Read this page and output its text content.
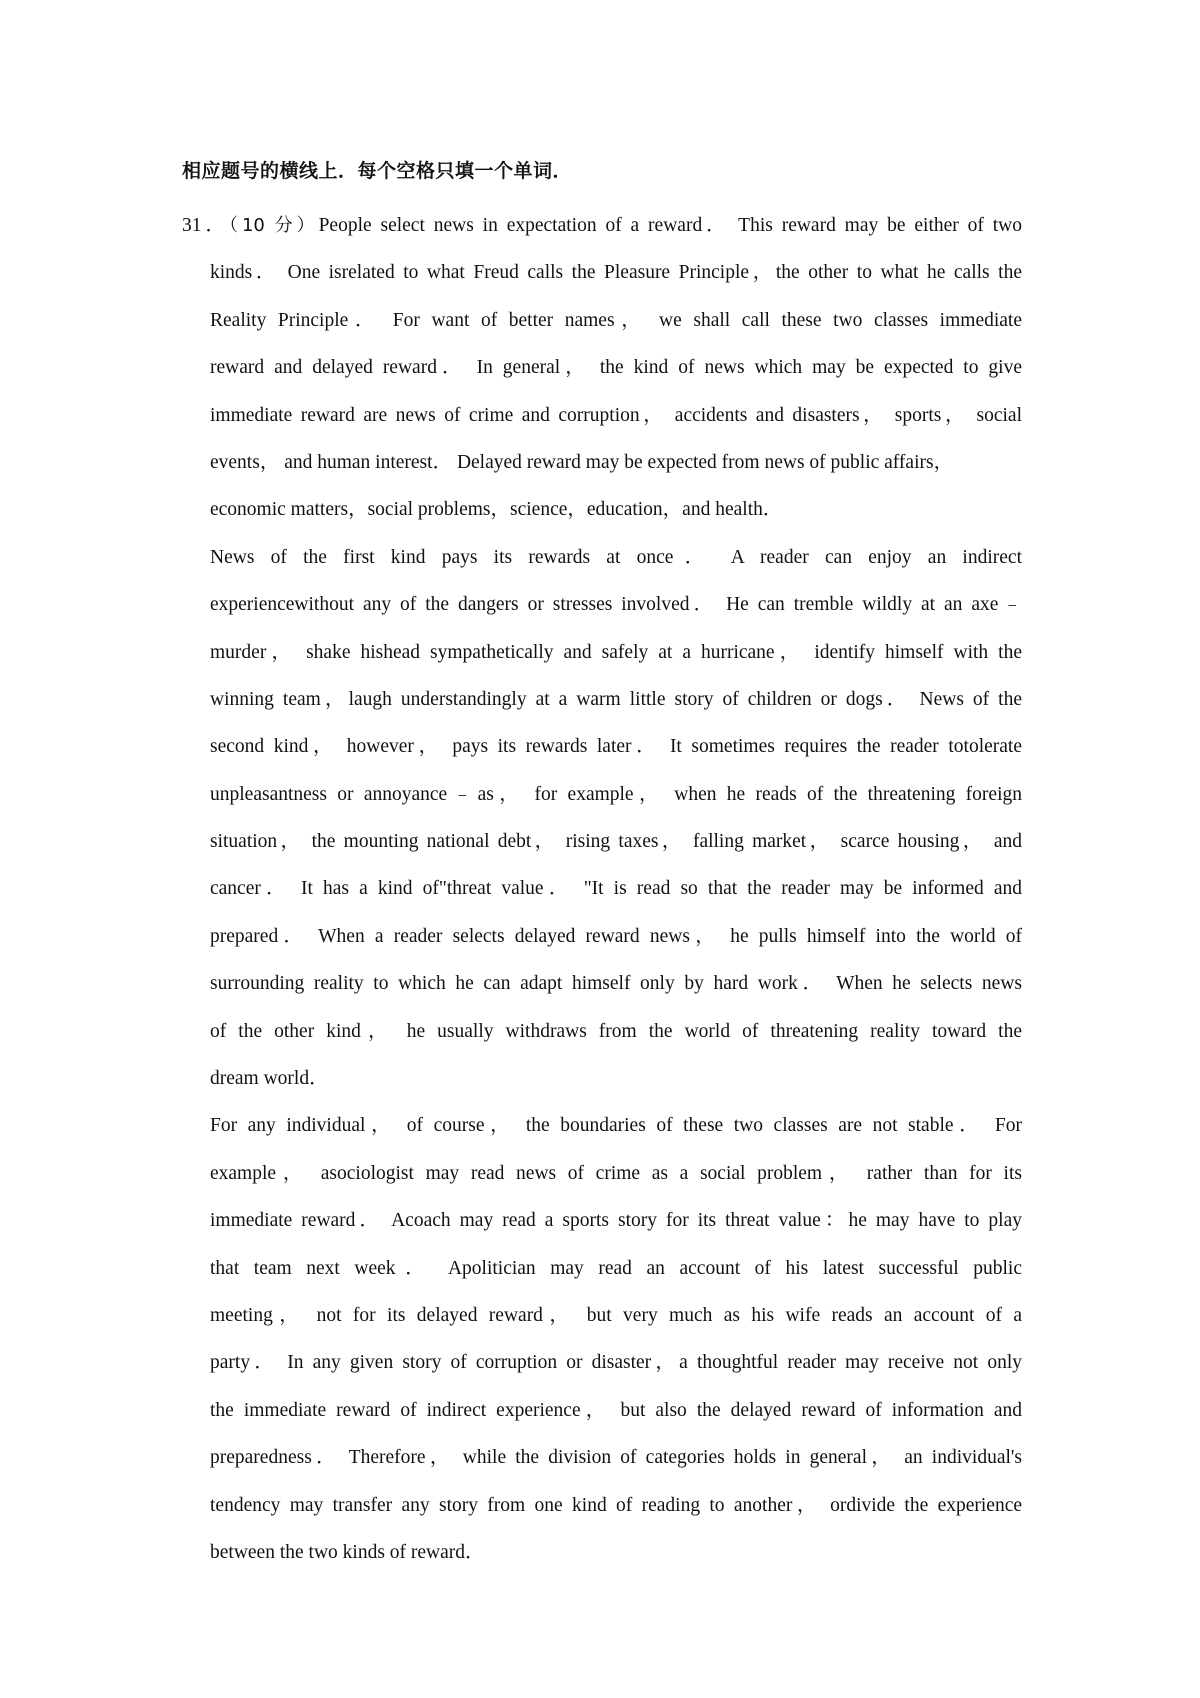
相应题号的横线上．每个空格只填一个单词．
31．（10 分）People select news in expectation of a reward． This reward may be either of two
kinds． One isrelated to what Freud calls the Pleasure Principle，the other to what he calls the
Reality Principle． For want of better names， we shall call these two classes immediate
reward and delayed reward． In general， the kind of news which may be expected to give
immediate reward are news of crime and corruption， accidents and disasters， sports， social
events， and human interest． Delayed reward may be expected from news of public affairs，
economic matters，social problems，science，education，and health．
News of the first kind pays its rewards at once． A reader can enjoy an indirect
experiencewithout any of the dangers or stresses involved． He can tremble wildly at an axe﹣
murder， shake hishead sympathetically and safely at a hurricane， identify himself with the
winning team，laugh understandingly at a warm little story of children or dogs． News of the
second kind， however， pays its rewards later． It sometimes requires the reader totolerate
unpleasantness or annoyance﹣as， for example， when he reads of the threatening foreign
situation， the mounting national debt， rising taxes， falling market， scarce housing， and
cancer． It has a kind of"threat value． "It is read so that the reader may be informed and
prepared． When a reader selects delayed reward news， he pulls himself into the world of
surrounding reality to which he can adapt himself only by hard work． When he selects news
of the other kind， he usually withdraws from the world of threatening reality toward the
dream world．
For any individual， of course， the boundaries of these two classes are not stable． For
example， asociologist may read news of crime as a social problem， rather than for its
immediate reward． Acoach may read a sports story for its threat value：he may have to play
that team next week． Apolitician may read an account of his latest successful public
meeting， not for its delayed reward， but very much as his wife reads an account of a
party． In any given story of corruption or disaster，a thoughtful reader may receive not only
the immediate reward of indirect experience， but also the delayed reward of information and
preparedness． Therefore， while the division of categories holds in general， an individual's
tendency may transfer any story from one kind of reading to another， ordivide the experience
between the two kinds of reward．
